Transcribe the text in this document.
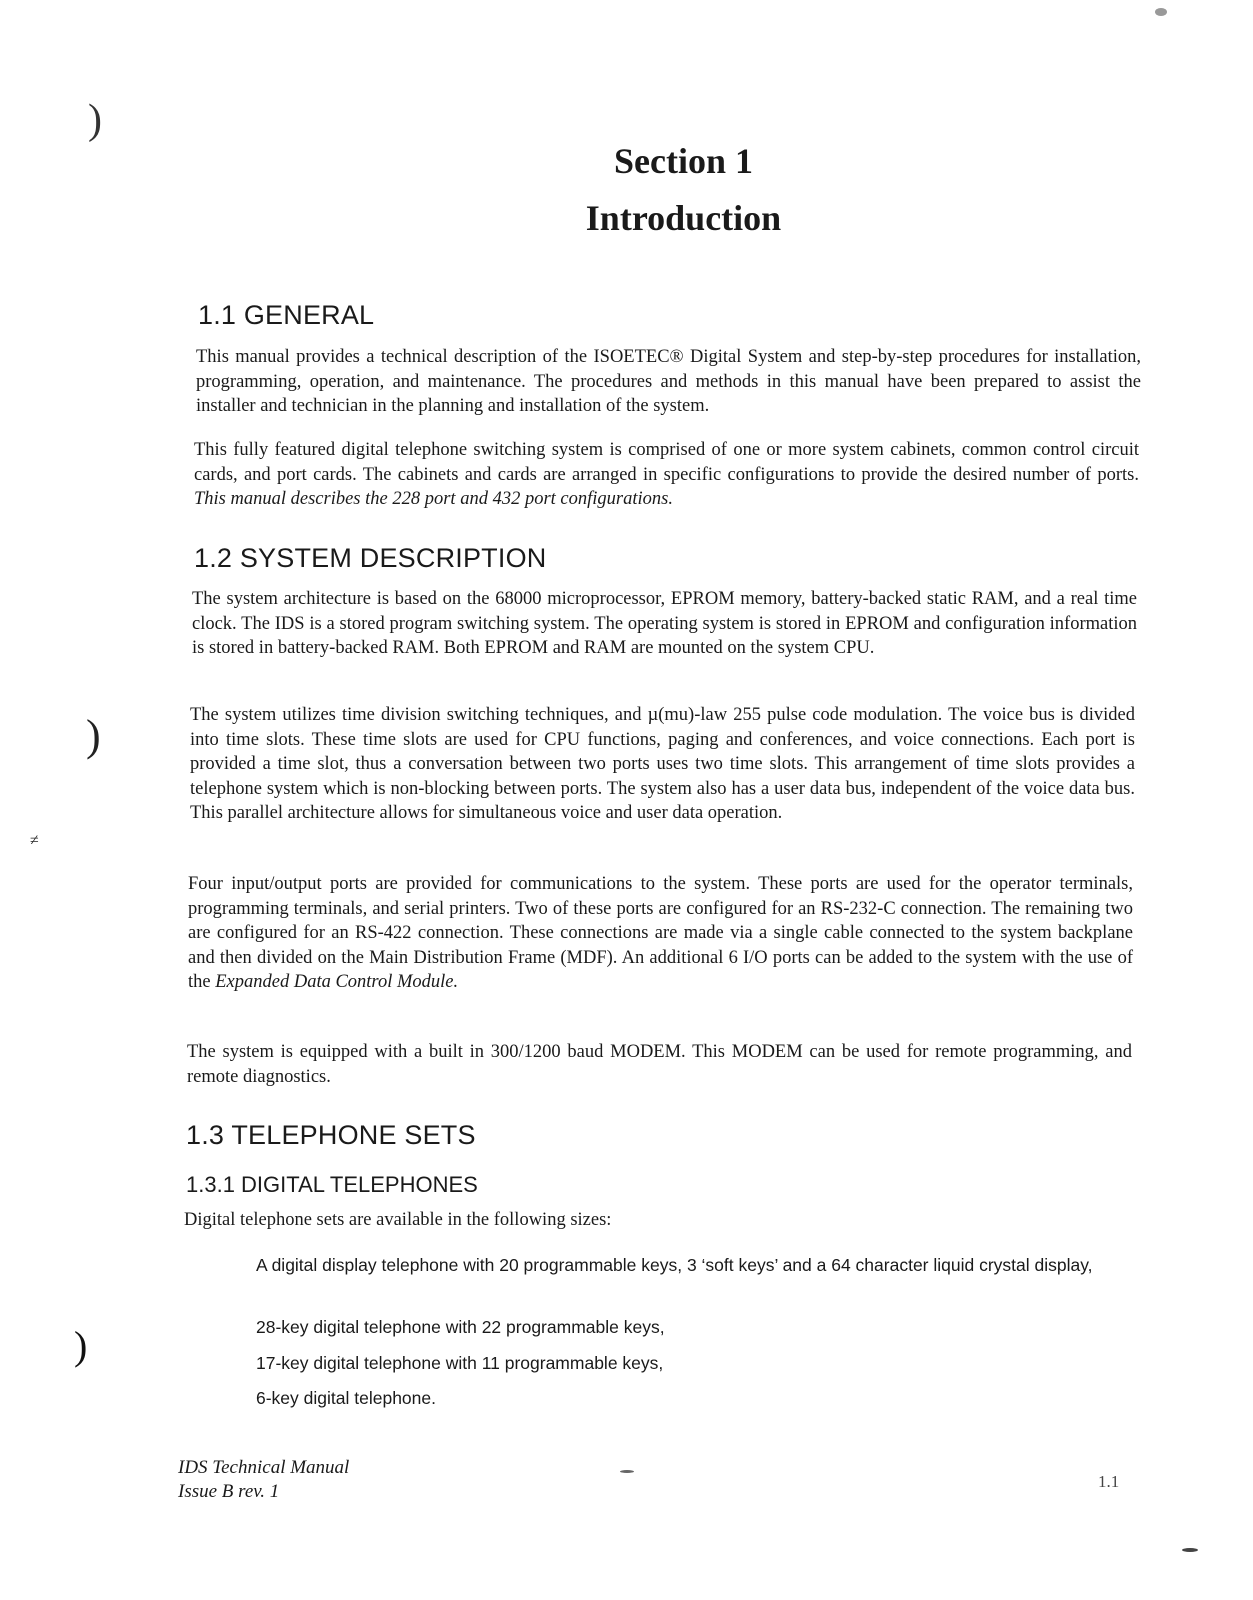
Section 1
Introduction
1.1 GENERAL

This manual provides a technical description of the ISOETEC® Digital System and step-by-step procedures for installation, programming, operation, and maintenance. The procedures and methods in this manual have been prepared to assist the installer and technician in the planning and installation of the system.

This fully featured digital telephone switching system is comprised of one or more system cabinets, common control circuit cards, and port cards. The cabinets and cards are arranged in specific configurations to provide the desired number of ports. This manual describes the 228 port and 432 port configurations.

1.2 SYSTEM DESCRIPTION

The system architecture is based on the 68000 microprocessor, EPROM memory, battery-backed static RAM, and a real time clock. The IDS is a stored program switching system. The operating system is stored in EPROM and configuration information is stored in battery-backed RAM. Both EPROM and RAM are mounted on the system CPU.

The system utilizes time division switching techniques, and µ(mu)-law 255 pulse code modulation. The voice bus is divided into time slots. These time slots are used for CPU functions, paging and conferences, and voice connections. Each port is provided a time slot, thus a conversation between two ports uses two time slots. This arrangement of time slots provides a telephone system which is non-blocking between ports. The system also has a user data bus, independent of the voice data bus. This parallel architecture allows for simultaneous voice and user data operation.

Four input/output ports are provided for communications to the system. These ports are used for the operator terminals, programming terminals, and serial printers. Two of these ports are configured for an RS-232-C connection. The remaining two are configured for an RS-422 connection. These connections are made via a single cable connected to the system backplane and then divided on the Main Distribution Frame (MDF). An additional 6 I/O ports can be added to the system with the use of the Expanded Data Control Module.

The system is equipped with a built in 300/1200 baud MODEM. This MODEM can be used for remote programming, and remote diagnostics.

1.3 TELEPHONE SETS
1.3.1 DIGITAL TELEPHONES

Digital telephone sets are available in the following sizes:

A digital display telephone with 20 programmable keys, 3 ‘soft keys’ and a 64 character liquid crystal display,

28-key digital telephone with 22 programmable keys,

17-key digital telephone with 11 programmable keys,

6-key digital telephone.

IDS Technical Manual
Issue B rev. 1	1.1
)
)
)
≠
